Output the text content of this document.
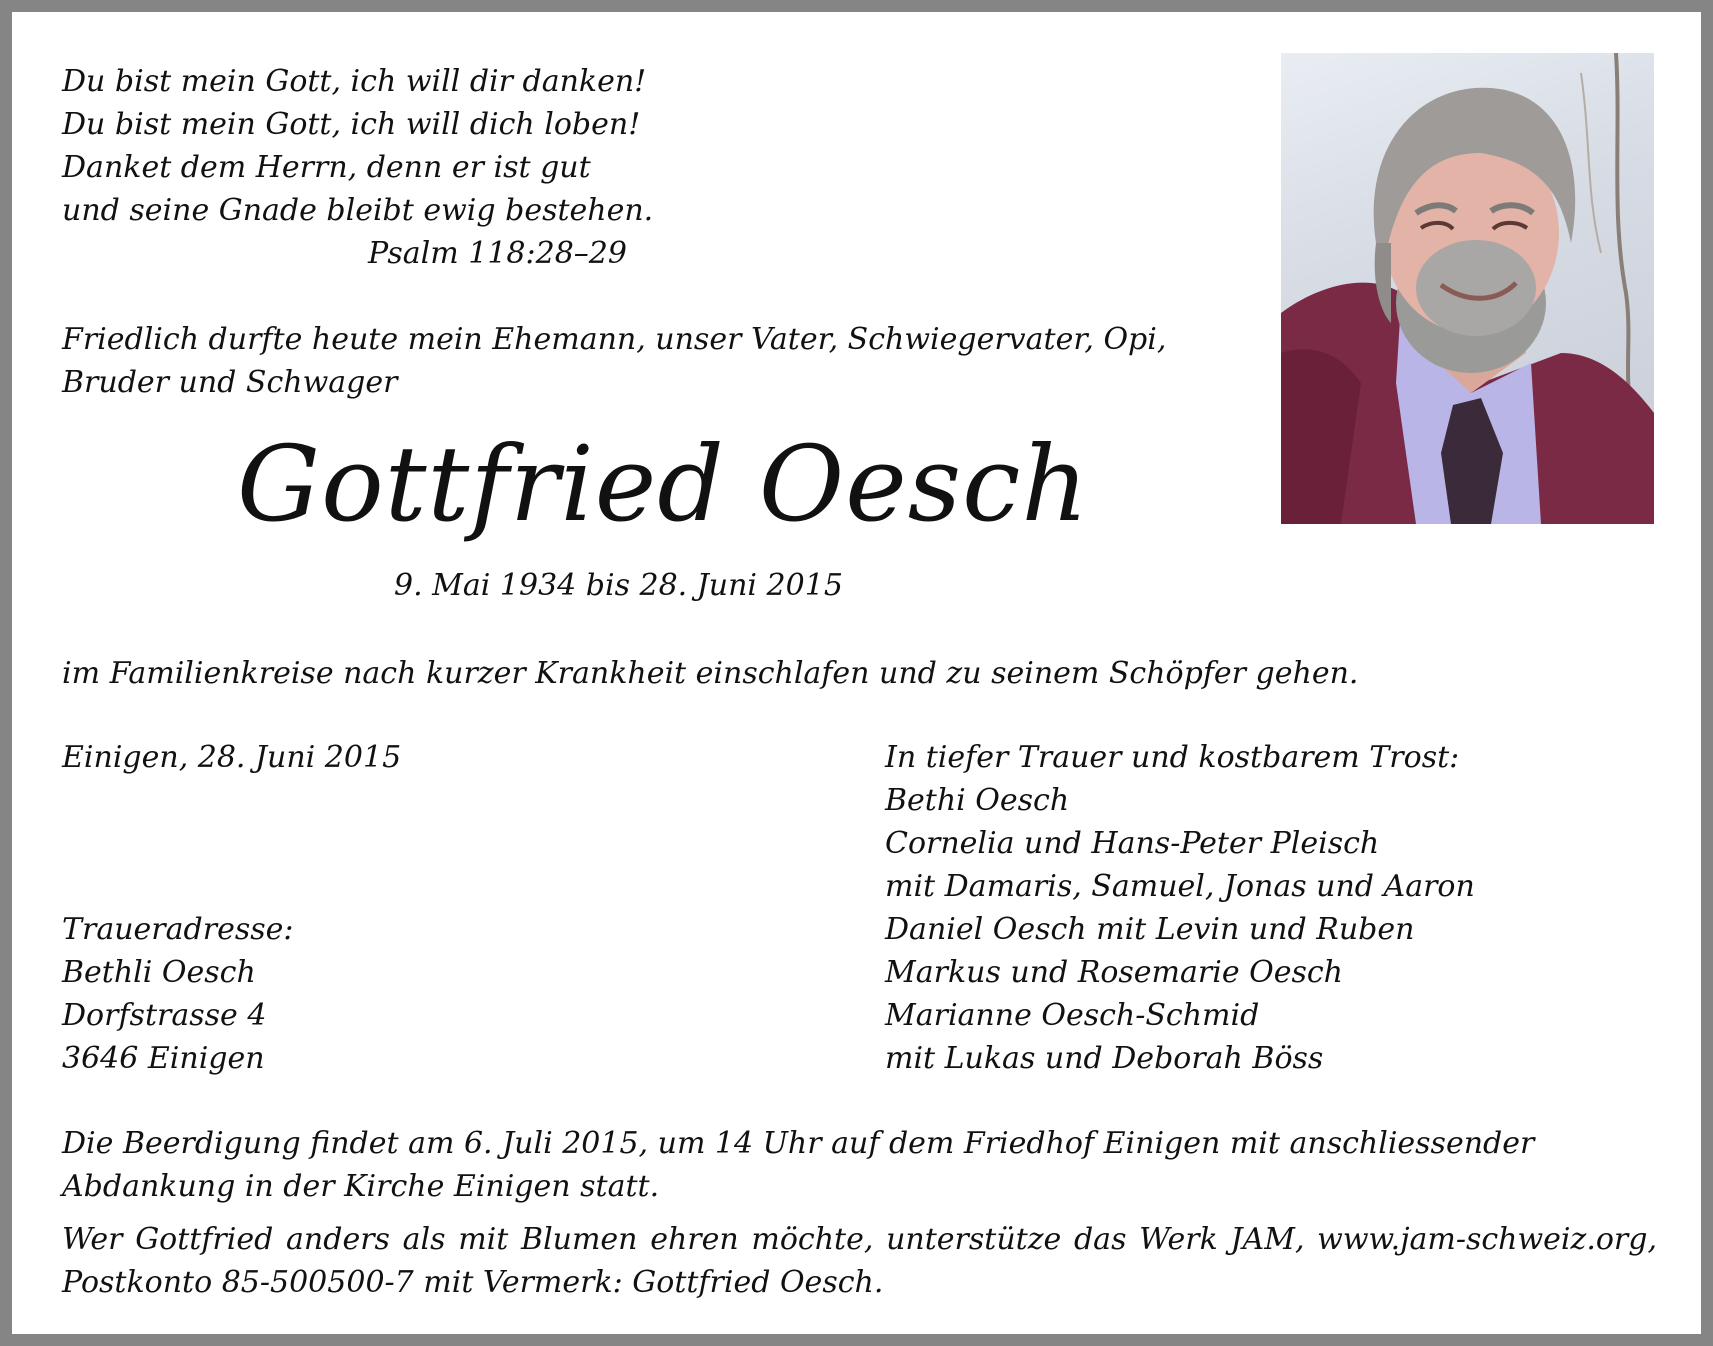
Du bist mein Gott, ich will dir danken!
Du bist mein Gott, ich will dich loben!
Danket dem Herrn, denn er ist gut
und seine Gnade bleibt ewig bestehen.
Psalm 118:28–29
Friedlich durfte heute mein Ehemann, unser Vater, Schwiegervater, Opi,
Bruder und Schwager
Gottfried Oesch
9. Mai 1934 bis 28. Juni 2015
im Familienkreise nach kurzer Krankheit einschlafen und zu seinem Schöpfer gehen.
Einigen, 28. Juni 2015
Traueradresse:
Bethli Oesch
Dorfstrasse 4
3646 Einigen
In tiefer Trauer und kostbarem Trost:
Bethi Oesch
Cornelia und Hans-Peter Pleisch
mit Damaris, Samuel, Jonas und Aaron
Daniel Oesch mit Levin und Ruben
Markus und Rosemarie Oesch
Marianne Oesch-Schmid
mit Lukas und Deborah Böss
Die Beerdigung findet am 6. Juli 2015, um 14 Uhr auf dem Friedhof Einigen mit anschliessender Abdankung in der Kirche Einigen statt.
Wer Gottfried anders als mit Blumen ehren möchte, unterstütze das Werk JAM, www.jam-schweiz.org, Postkonto 85-500500-7 mit Vermerk: Gottfried Oesch.
